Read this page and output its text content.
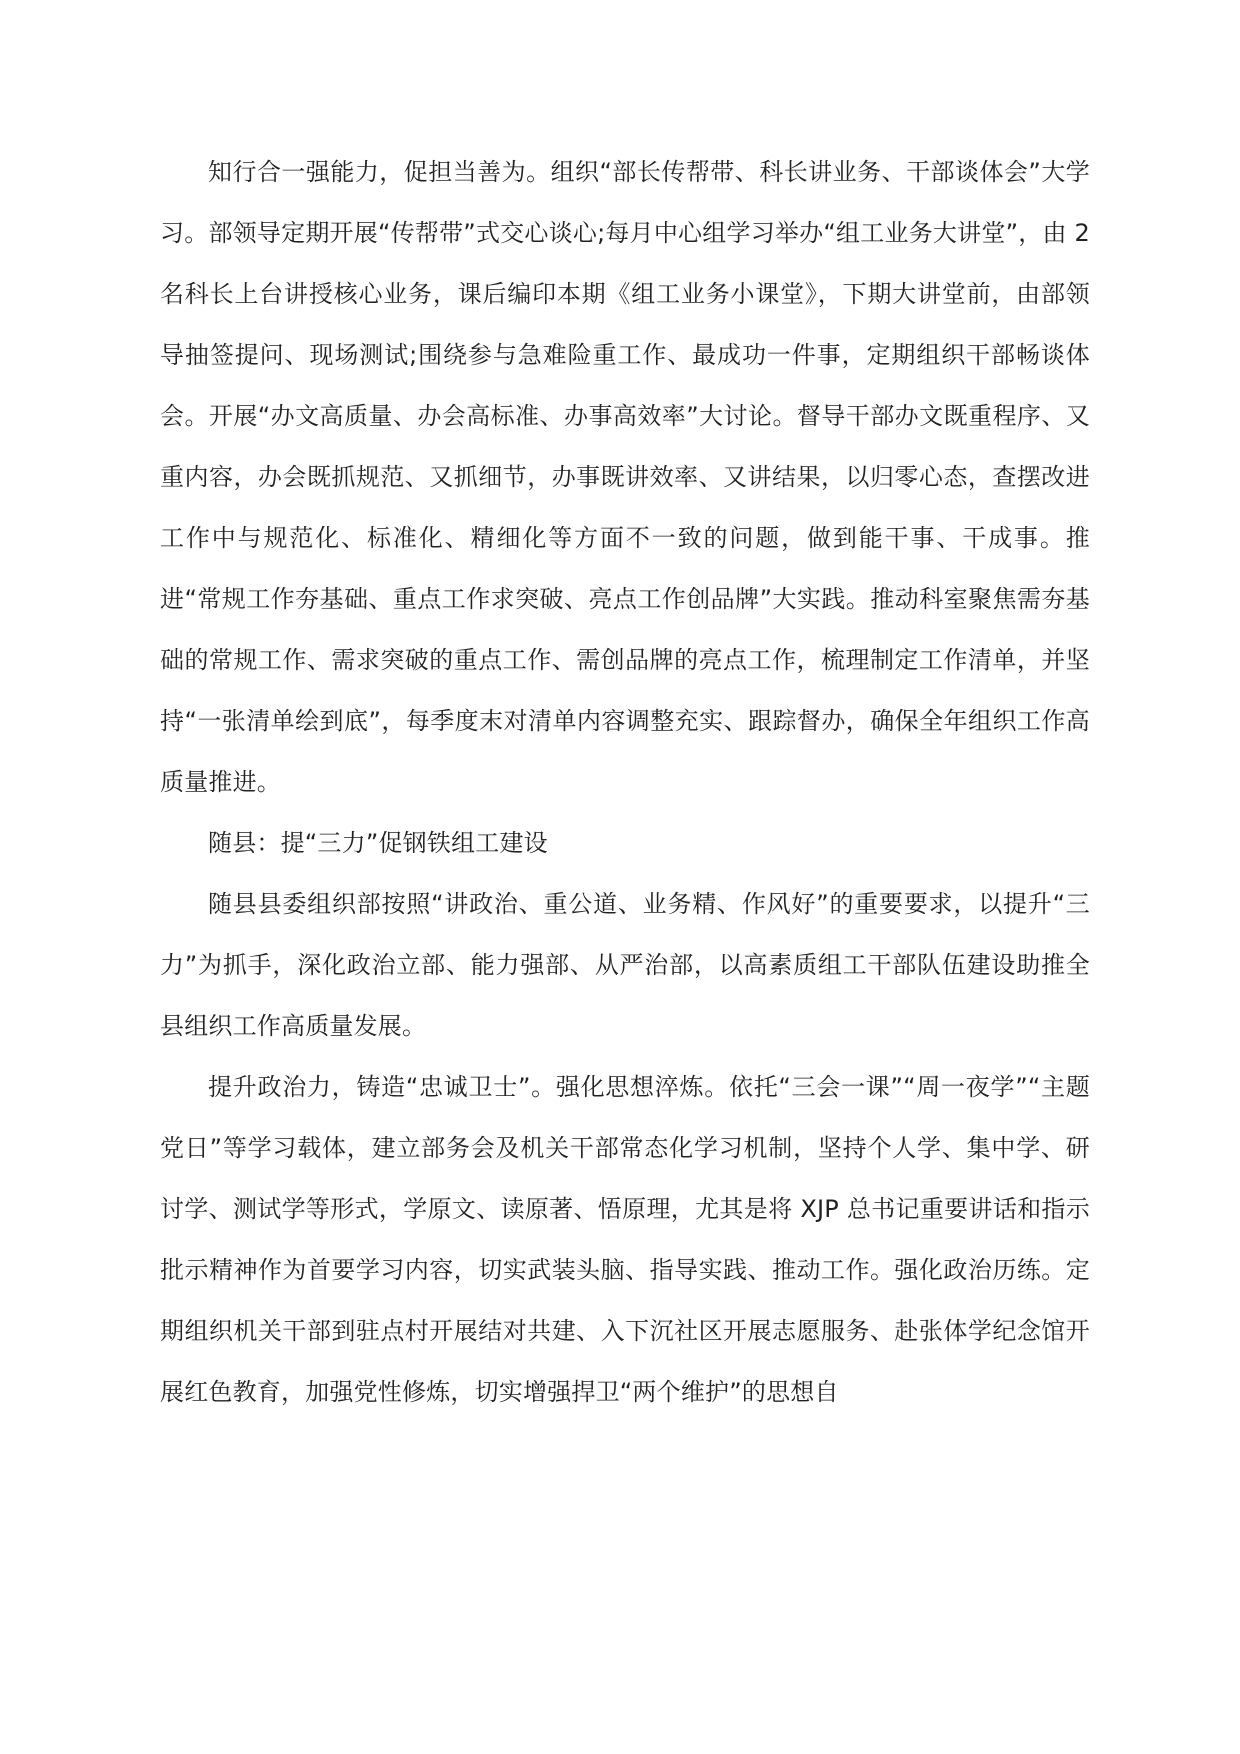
知行合一强能力，促担当善为。组织“部长传帮带、科长讲业务、干部谈体会”大学习。部领导定期开展“传帮带”式交心谈心;每月中心组学习举办“组工业务大讲堂”，由 2 名科长上台讲授核心业务，课后编印本期《组工业务小课堂》，下期大讲堂前，由部领导抽签提问、现场测试;围绕参与急难险重工作、最成功一件事，定期组织干部畅谈体会。开展“办文高质量、办会高标准、办事高效率”大讨论。督导干部办文既重程序、又重内容，办会既抓规范、又抓细节，办事既讲效率、又讲结果，以归零心态，查摆改进工作中与规范化、标准化、精细化等方面不一致的问题，做到能干事、干成事。推进“常规工作夯基础、重点工作求突破、亮点工作创品牌”大实践。推动科室聚焦需夯基础的常规工作、需求突破的重点工作、需创品牌的亮点工作，梳理制定工作清单，并坚持“一张清单绘到底”，每季度末对清单内容调整充实、跟踪督办，确保全年组织工作高质量推进。

随县：提“三力”促钢铁组工建设

随县县委组织部按照“讲政治、重公道、业务精、作风好”的重要要求，以提升“三力”为抓手，深化政治立部、能力强部、从严治部，以高素质组工干部队伍建设助推全县组织工作高质量发展。

提升政治力，铸造“忠诚卫士”。强化思想淬炼。依托“三会一课”“周一夜学”“主题党日”等学习载体，建立部务会及机关干部常态化学习机制，坚持个人学、集中学、研讨学、测试学等形式，学原文、读原著、悟原理，尤其是将 XJP 总书记重要讲话和指示批示精神作为首要学习内容，切实武装头脑、指导实践、推动工作。强化政治历练。定期组织机关干部到驻点村开展结对共建、入下沉社区开展志愿服务、赴张体学纪念馆开展红色教育，加强党性修炼，切实增强捍卫“两个维护”的思想自
